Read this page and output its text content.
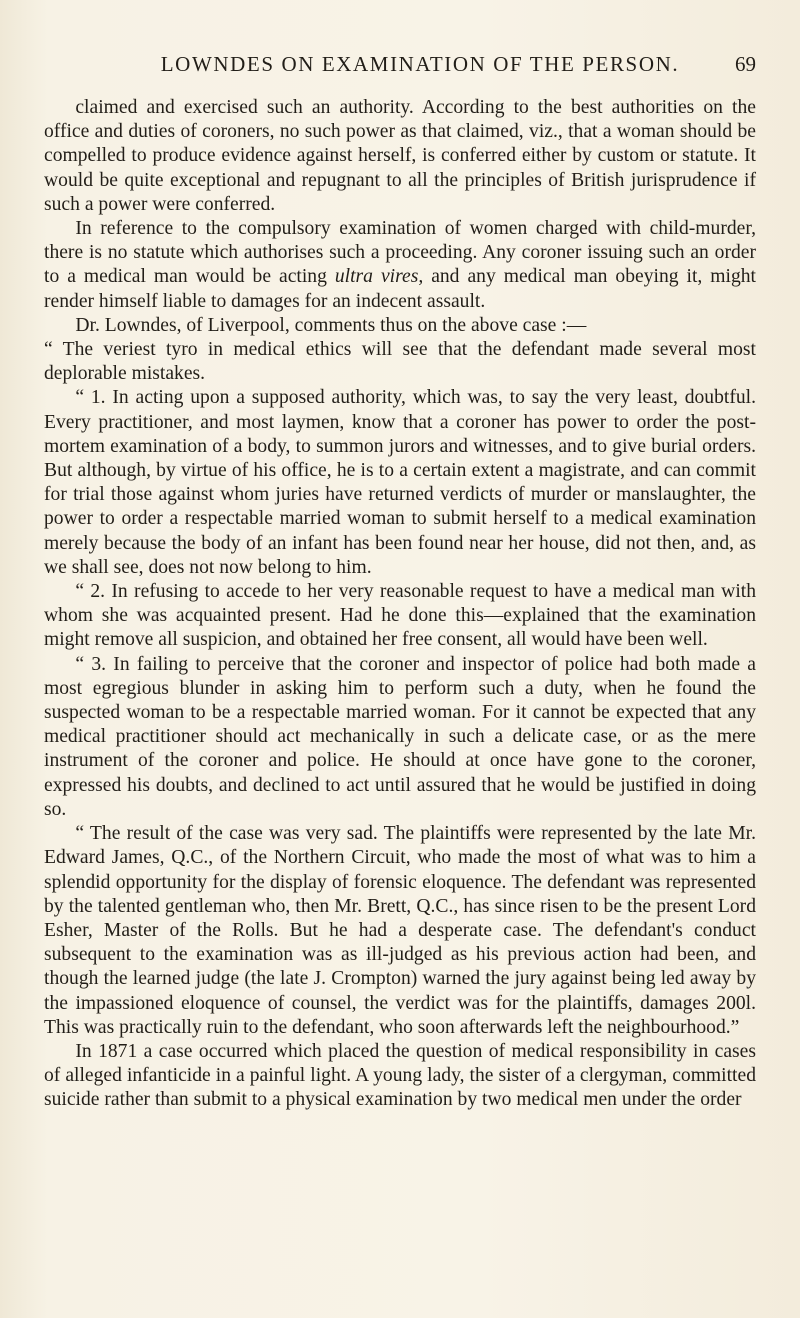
LOWNDES ON EXAMINATION OF THE PERSON.	69

claimed and exercised such an authority. According to the best authorities on the office and duties of coroners, no such power as that claimed, viz., that a woman should be compelled to produce evidence against herself, is conferred either by custom or statute. It would be quite exceptional and repugnant to all the principles of British jurisprudence if such a power were conferred.

In reference to the compulsory examination of women charged with child-murder, there is no statute which authorises such a proceeding. Any coroner issuing such an order to a medical man would be acting ultra vires, and any medical man obeying it, might render himself liable to damages for an indecent assault.

Dr. Lowndes, of Liverpool, comments thus on the above case :—

“ The veriest tyro in medical ethics will see that the defendant made several most deplorable mistakes.

“ 1. In acting upon a supposed authority, which was, to say the very least, doubtful. Every practitioner, and most laymen, know that a coroner has power to order the post-mortem examination of a body, to summon jurors and witnesses, and to give burial orders. But although, by virtue of his office, he is to a certain extent a magistrate, and can commit for trial those against whom juries have returned verdicts of murder or manslaughter, the power to order a respectable married woman to submit herself to a medical examination merely because the body of an infant has been found near her house, did not then, and, as we shall see, does not now belong to him.

“ 2. In refusing to accede to her very reasonable request to have a medical man with whom she was acquainted present. Had he done this—explained that the examination might remove all suspicion, and obtained her free consent, all would have been well.

“ 3. In failing to perceive that the coroner and inspector of police had both made a most egregious blunder in asking him to perform such a duty, when he found the suspected woman to be a respectable married woman. For it cannot be expected that any medical practitioner should act mechanically in such a delicate case, or as the mere instrument of the coroner and police. He should at once have gone to the coroner, expressed his doubts, and declined to act until assured that he would be justified in doing so.

“ The result of the case was very sad. The plaintiffs were represented by the late Mr. Edward James, Q.C., of the Northern Circuit, who made the most of what was to him a splendid opportunity for the display of forensic eloquence. The defendant was represented by the talented gentleman who, then Mr. Brett, Q.C., has since risen to be the present Lord Esher, Master of the Rolls. But he had a desperate case. The defendant's conduct subsequent to the examination was as ill-judged as his previous action had been, and though the learned judge (the late J. Crompton) warned the jury against being led away by the impassioned eloquence of counsel, the verdict was for the plaintiffs, damages 200l. This was practically ruin to the defendant, who soon afterwards left the neighbourhood.”

In 1871 a case occurred which placed the question of medical responsibility in cases of alleged infanticide in a painful light. A young lady, the sister of a clergyman, committed suicide rather than submit to a physical examination by two medical men under the order
